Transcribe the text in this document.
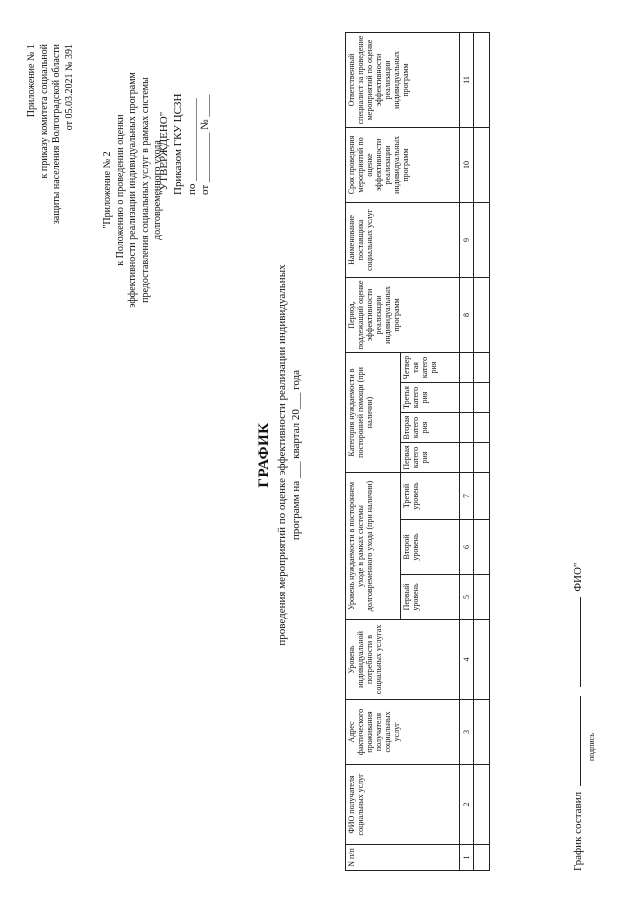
Приложение № 1 к приказу комитета социальной защиты населения Волгоградской области от 05.03.2021 № 391
"Приложение № 2 к Положению о проведении оценки эффективности реализации индивидуальных программ предоставления социальных услуг в рамках системы долговременного ухода
"УТВЕРЖДЕНО" Приказом ГКУ ЦСЗН по _______________ от _________ № ____
ГРАФИК проведения мероприятий по оценке эффективности реализации индивидуальных программ на ___ квартал 20___ года
N п/п	ФИО получателя социальных услуг	Адрес фактического проживания получателя социальных услуг	Уровень индивидуальной потребности в социальных услугах	Уровень нуждаемости в постороннем уходе в рамках системы долговременного ухода (при наличии)			Категория нуждаемости в посторонней помощи (при наличии)				Период, подлежащий оценке эффективности реализации индивидуальных программ	Наименование поставщика социальных услуг	Срок проведения мероприятий по оценке эффективности реализации индивидуальных программ	Ответственный специалист за проведение мероприятий по оценке эффективности реализации индивидуальных программ
				Первый уровень	Второй уровень	Третий уровень	Первая категория	Вторая категория	Третья категория	Четвертая категория				
1	2	3	4	5	6	7					8	9	10	11

График составил   ФИО"
подпись
